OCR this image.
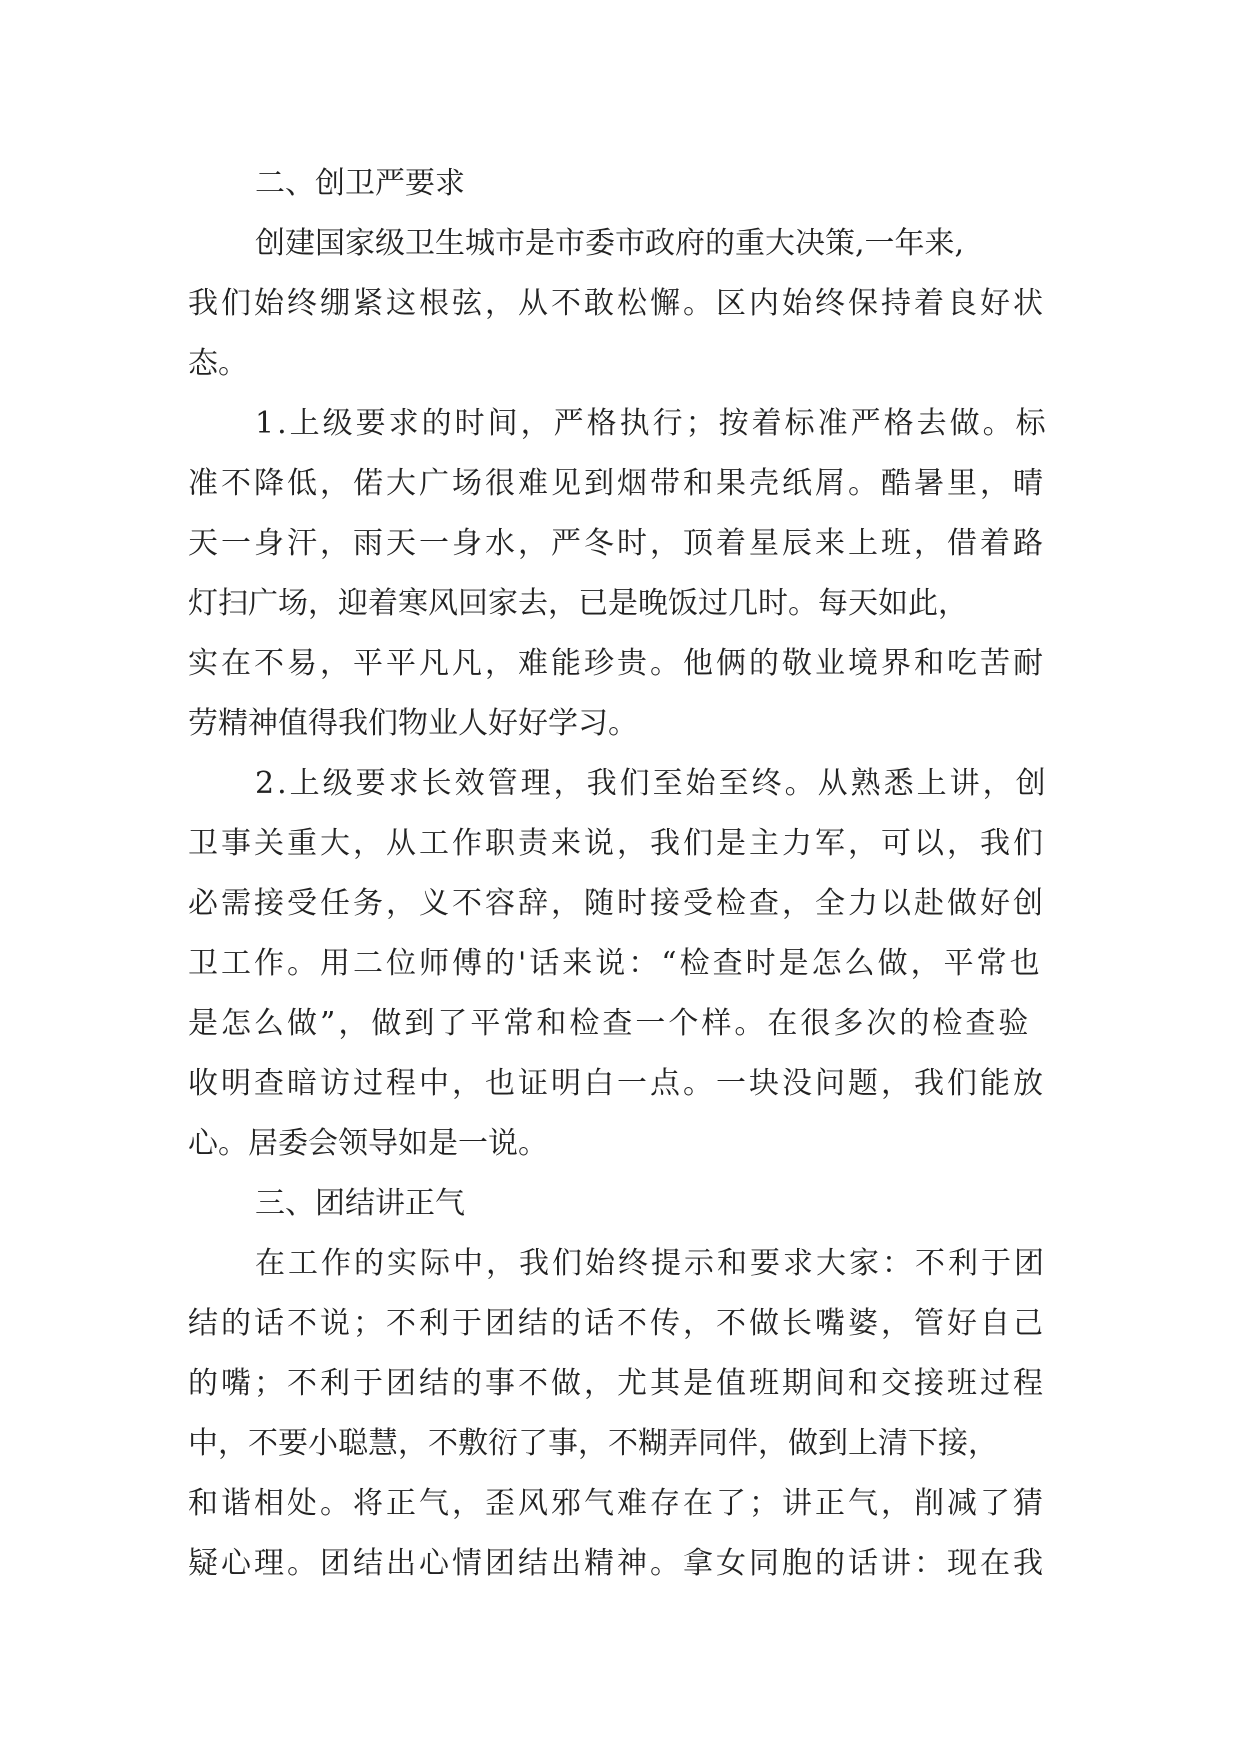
二、创卫严要求

创建国家级卫生城市是市委市政府的重大决策,一年来,

我们始终绷紧这根弦，从不敢松懈。区内始终保持着良好状

态。

1.上级要求的时间，严格执行；按着标准严格去做。标

准不降低，偌大广场很难见到烟带和果壳纸屑。酷暑里，晴

天一身汗，雨天一身水，严冬时，顶着星辰来上班，借着路

灯扫广场，迎着寒风回家去，已是晚饭过几时。每天如此，

实在不易，平平凡凡，难能珍贵。他俩的敬业境界和吃苦耐

劳精神值得我们物业人好好学习。

2.上级要求长效管理，我们至始至终。从熟悉上讲，创

卫事关重大，从工作职责来说，我们是主力军，可以，我们

必需接受任务，义不容辞，随时接受检查，全力以赴做好创

卫工作。用二位师傅的'话来说：“检查时是怎么做，平常也

是怎么做”，做到了平常和检查一个样。在很多次的检查验

收明查暗访过程中，也证明白一点。一块没问题，我们能放

心。居委会领导如是一说。

三、团结讲正气

在工作的实际中，我们始终提示和要求大家：不利于团

结的话不说；不利于团结的话不传，不做长嘴婆，管好自己

的嘴；不利于团结的事不做，尤其是值班期间和交接班过程

中，不要小聪慧，不敷衍了事，不糊弄同伴，做到上清下接，

和谐相处。将正气，歪风邪气难存在了；讲正气，削减了猜

疑心理。团结出心情团结出精神。拿女同胞的话讲：现在我
